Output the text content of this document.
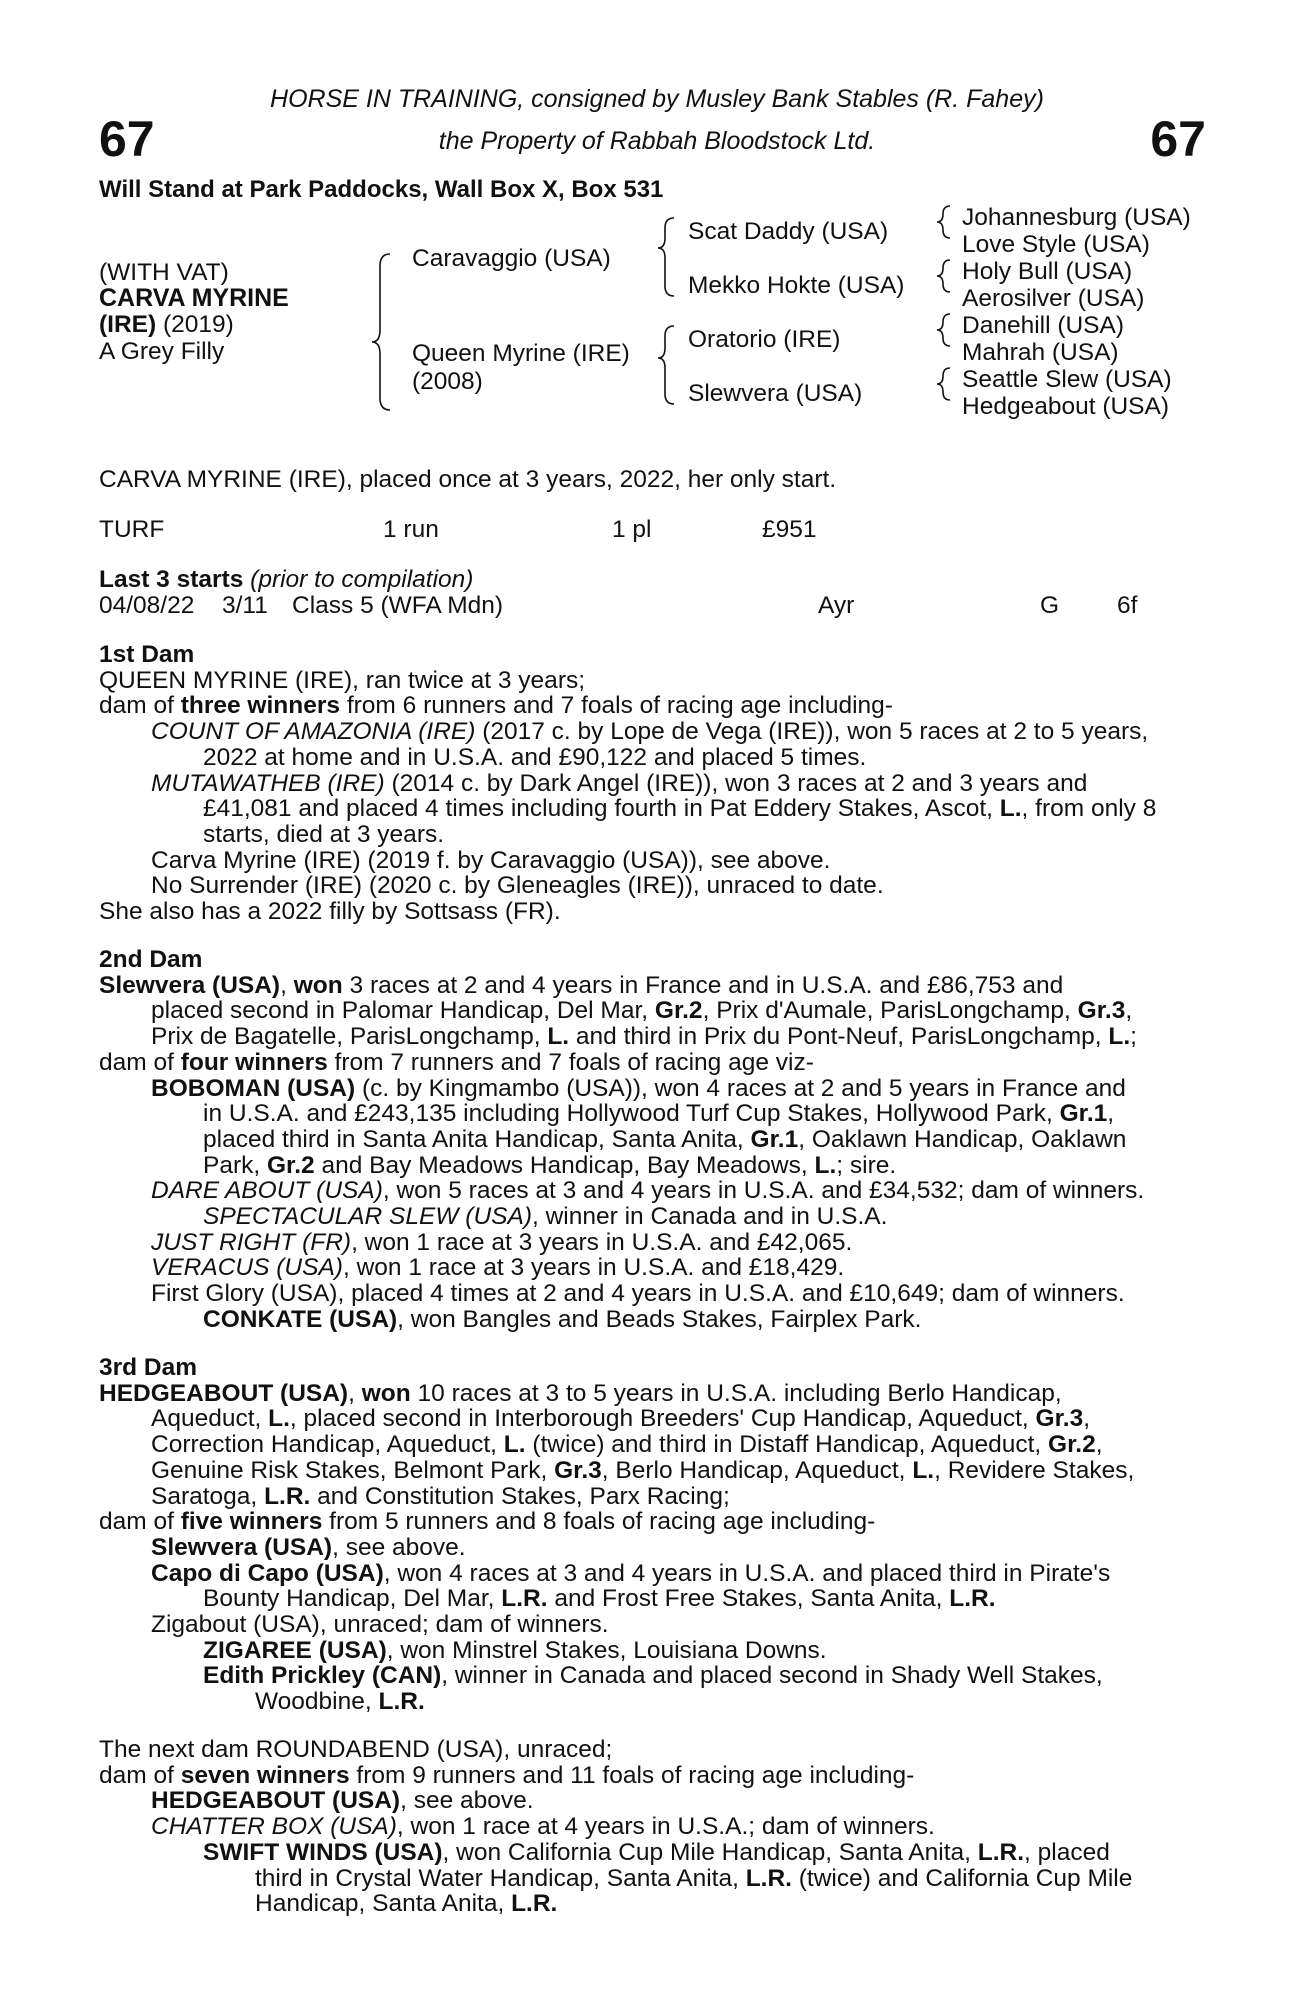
67	67
HORSE IN TRAINING, consigned by Musley Bank Stables (R. Fahey)
the Property of Rabbah Bloodstock Ltd.
Will Stand at Park Paddocks, Wall Box X, Box 531
(WITH VAT)
CARVA MYRINE
(IRE) (2019)
A Grey Filly
Caravaggio (USA)
Queen Myrine (IRE)
(2008)
Scat Daddy (USA)
Mekko Hokte (USA)
Oratorio (IRE)
Slewvera (USA)
Johannesburg (USA)
Love Style (USA)
Holy Bull (USA)
Aerosilver (USA)
Danehill (USA)
Mahrah (USA)
Seattle Slew (USA)
Hedgeabout (USA)
CARVA MYRINE (IRE), placed once at 3 years, 2022, her only start.
TURF	1 run	1 pl	£951
Last 3 starts (prior to compilation)
04/08/22 3/11 Class 5 (WFA Mdn)	Ayr	G 6f
1st Dam
QUEEN MYRINE (IRE), ran twice at 3 years;
dam of three winners from 6 runners and 7 foals of racing age including-
COUNT OF AMAZONIA (IRE) (2017 c. by Lope de Vega (IRE)), won 5 races at 2 to 5 years,
2022 at home and in U.S.A. and £90,122 and placed 5 times.
MUTAWATHEB (IRE) (2014 c. by Dark Angel (IRE)), won 3 races at 2 and 3 years and
£41,081 and placed 4 times including fourth in Pat Eddery Stakes, Ascot, L., from only 8
starts, died at 3 years.
Carva Myrine (IRE) (2019 f. by Caravaggio (USA)), see above.
No Surrender (IRE) (2020 c. by Gleneagles (IRE)), unraced to date.
She also has a 2022 filly by Sottsass (FR).
2nd Dam
Slewvera (USA), won 3 races at 2 and 4 years in France and in U.S.A. and £86,753 and
placed second in Palomar Handicap, Del Mar, Gr.2, Prix d'Aumale, ParisLongchamp, Gr.3,
Prix de Bagatelle, ParisLongchamp, L. and third in Prix du Pont-Neuf, ParisLongchamp, L.;
dam of four winners from 7 runners and 7 foals of racing age viz-
BOBOMAN (USA) (c. by Kingmambo (USA)), won 4 races at 2 and 5 years in France and
in U.S.A. and £243,135 including Hollywood Turf Cup Stakes, Hollywood Park, Gr.1,
placed third in Santa Anita Handicap, Santa Anita, Gr.1, Oaklawn Handicap, Oaklawn
Park, Gr.2 and Bay Meadows Handicap, Bay Meadows, L.; sire.
DARE ABOUT (USA), won 5 races at 3 and 4 years in U.S.A. and £34,532; dam of winners.
SPECTACULAR SLEW (USA), winner in Canada and in U.S.A.
JUST RIGHT (FR), won 1 race at 3 years in U.S.A. and £42,065.
VERACUS (USA), won 1 race at 3 years in U.S.A. and £18,429.
First Glory (USA), placed 4 times at 2 and 4 years in U.S.A. and £10,649; dam of winners.
CONKATE (USA), won Bangles and Beads Stakes, Fairplex Park.
3rd Dam
HEDGEABOUT (USA), won 10 races at 3 to 5 years in U.S.A. including Berlo Handicap,
Aqueduct, L., placed second in Interborough Breeders' Cup Handicap, Aqueduct, Gr.3,
Correction Handicap, Aqueduct, L. (twice) and third in Distaff Handicap, Aqueduct, Gr.2,
Genuine Risk Stakes, Belmont Park, Gr.3, Berlo Handicap, Aqueduct, L., Revidere Stakes,
Saratoga, L.R. and Constitution Stakes, Parx Racing;
dam of five winners from 5 runners and 8 foals of racing age including-
Slewvera (USA), see above.
Capo di Capo (USA), won 4 races at 3 and 4 years in U.S.A. and placed third in Pirate's
Bounty Handicap, Del Mar, L.R. and Frost Free Stakes, Santa Anita, L.R.
Zigabout (USA), unraced; dam of winners.
ZIGAREE (USA), won Minstrel Stakes, Louisiana Downs.
Edith Prickley (CAN), winner in Canada and placed second in Shady Well Stakes,
Woodbine, L.R.
The next dam ROUNDABEND (USA), unraced;
dam of seven winners from 9 runners and 11 foals of racing age including-
HEDGEABOUT (USA), see above.
CHATTER BOX (USA), won 1 race at 4 years in U.S.A.; dam of winners.
SWIFT WINDS (USA), won California Cup Mile Handicap, Santa Anita, L.R., placed
third in Crystal Water Handicap, Santa Anita, L.R. (twice) and California Cup Mile
Handicap, Santa Anita, L.R.
